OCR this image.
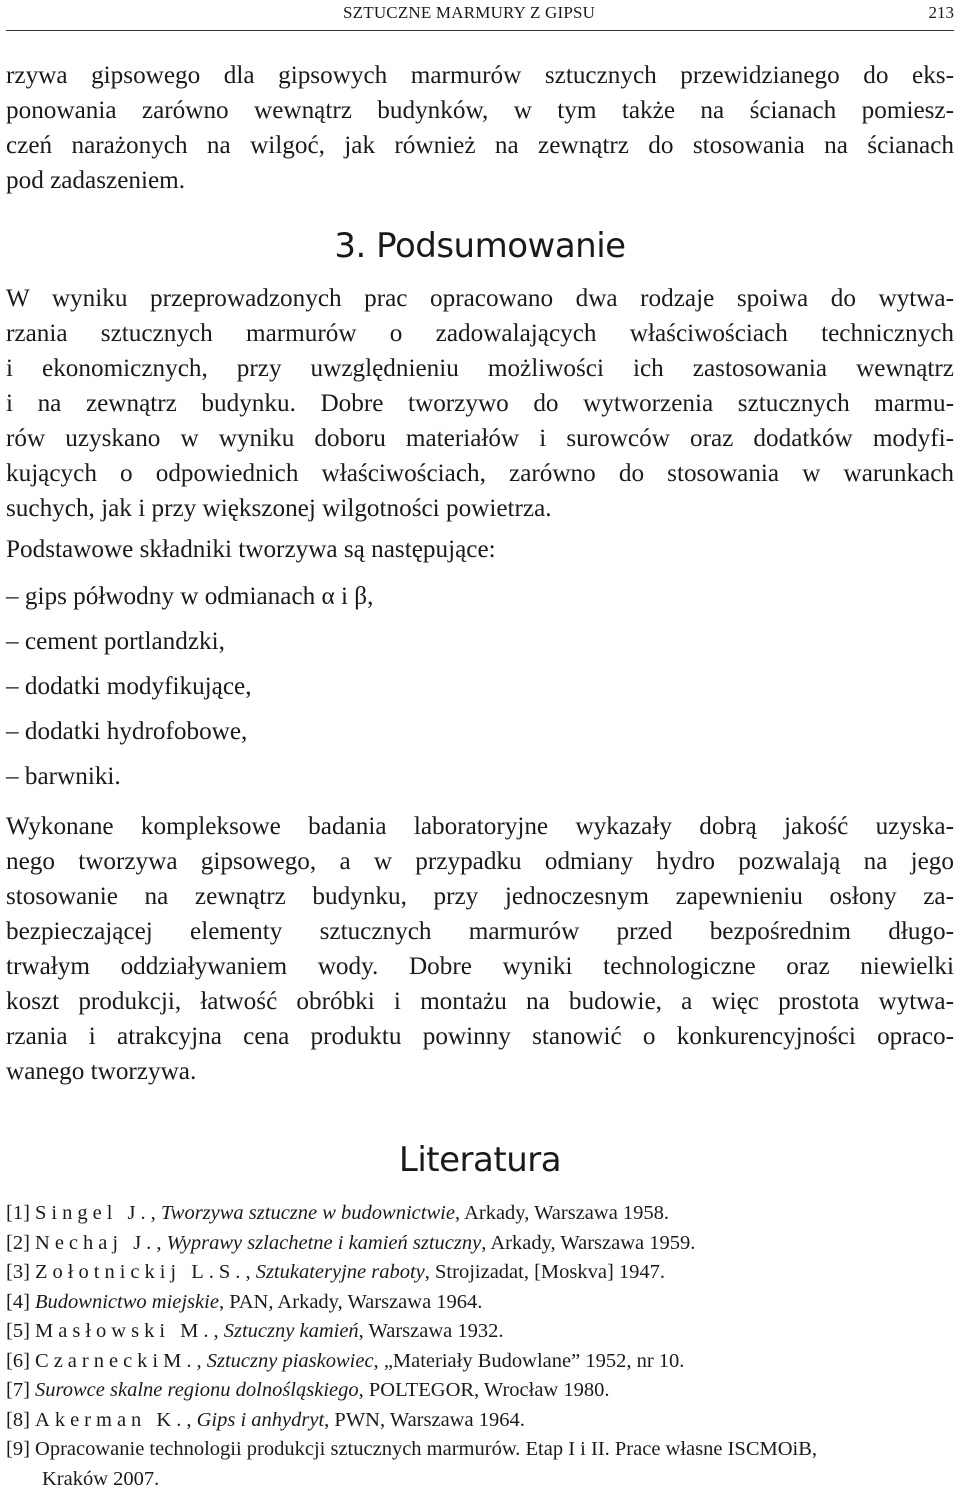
SZTUCZNE MARMURY Z GIPSU	213
rzywa gipsowego dla gipsowych marmurów sztucznych przewidzianego do eks-
ponowania zarówno wewnątrz budynków, w tym także na ścianach pomiesz-
czeń narażonych na wilgoć, jak również na zewnątrz do stosowania na ścianach
pod zadaszeniem.
3. Podsumowanie
W wyniku przeprowadzonych prac opracowano dwa rodzaje spoiwa do wytwa-
rzania sztucznych marmurów o zadowalających właściwościach technicznych
i ekonomicznych, przy uwzględnieniu możliwości ich zastosowania wewnątrz
i na zewnątrz budynku. Dobre tworzywo do wytworzenia sztucznych marmu-
rów uzyskano w wyniku doboru materiałów i surowców oraz dodatków modyfi-
kujących o odpowiednich właściwościach, zarówno do stosowania w warunkach
suchych, jak i przy większonej wilgotności powietrza.
Podstawowe składniki tworzywa są następujące:
– gips półwodny w odmianach α i β,
– cement portlandzki,
– dodatki modyfikujące,
– dodatki hydrofobowe,
– barwniki.
Wykonane kompleksowe badania laboratoryjne wykazały dobrą jakość uzyska-
nego tworzywa gipsowego, a w przypadku odmiany hydro pozwalają na jego
stosowanie na zewnątrz budynku, przy jednoczesnym zapewnieniu osłony za-
bezpieczającej elementy sztucznych marmurów przed bezpośrednim długo-
trwałym oddziaływaniem wody. Dobre wyniki technologiczne oraz niewielki
koszt produkcji, łatwość obróbki i montażu na budowie, a więc prostota wytwa-
rzania i atrakcyjna cena produktu powinny stanowić o konkurencyjności opraco-
wanego tworzywa.
Literatura
[1] Singel J., Tworzywa sztuczne w budownictwie, Arkady, Warszawa 1958.
[2] Nechaj J., Wyprawy szlachetne i kamień sztuczny, Arkady, Warszawa 1959.
[3] Zołotnickij L.S., Sztukateryjne raboty, Strojizadat, [Moskva] 1947.
[4] Budownictwo miejskie, PAN, Arkady, Warszawa 1964.
[5] Masłowski M., Sztuczny kamień, Warszawa 1932.
[6] CzarneckiM., Sztuczny piaskowiec, „Materiały Budowlane” 1952, nr 10.
[7] Surowce skalne regionu dolnośląskiego, POLTEGOR, Wrocław 1980.
[8] Akerman K., Gips i anhydryt, PWN, Warszawa 1964.
[9] Opracowanie technologii produkcji sztucznych marmurów. Etap I i II. Prace własne ISCMOiB,
Kraków 2007.
